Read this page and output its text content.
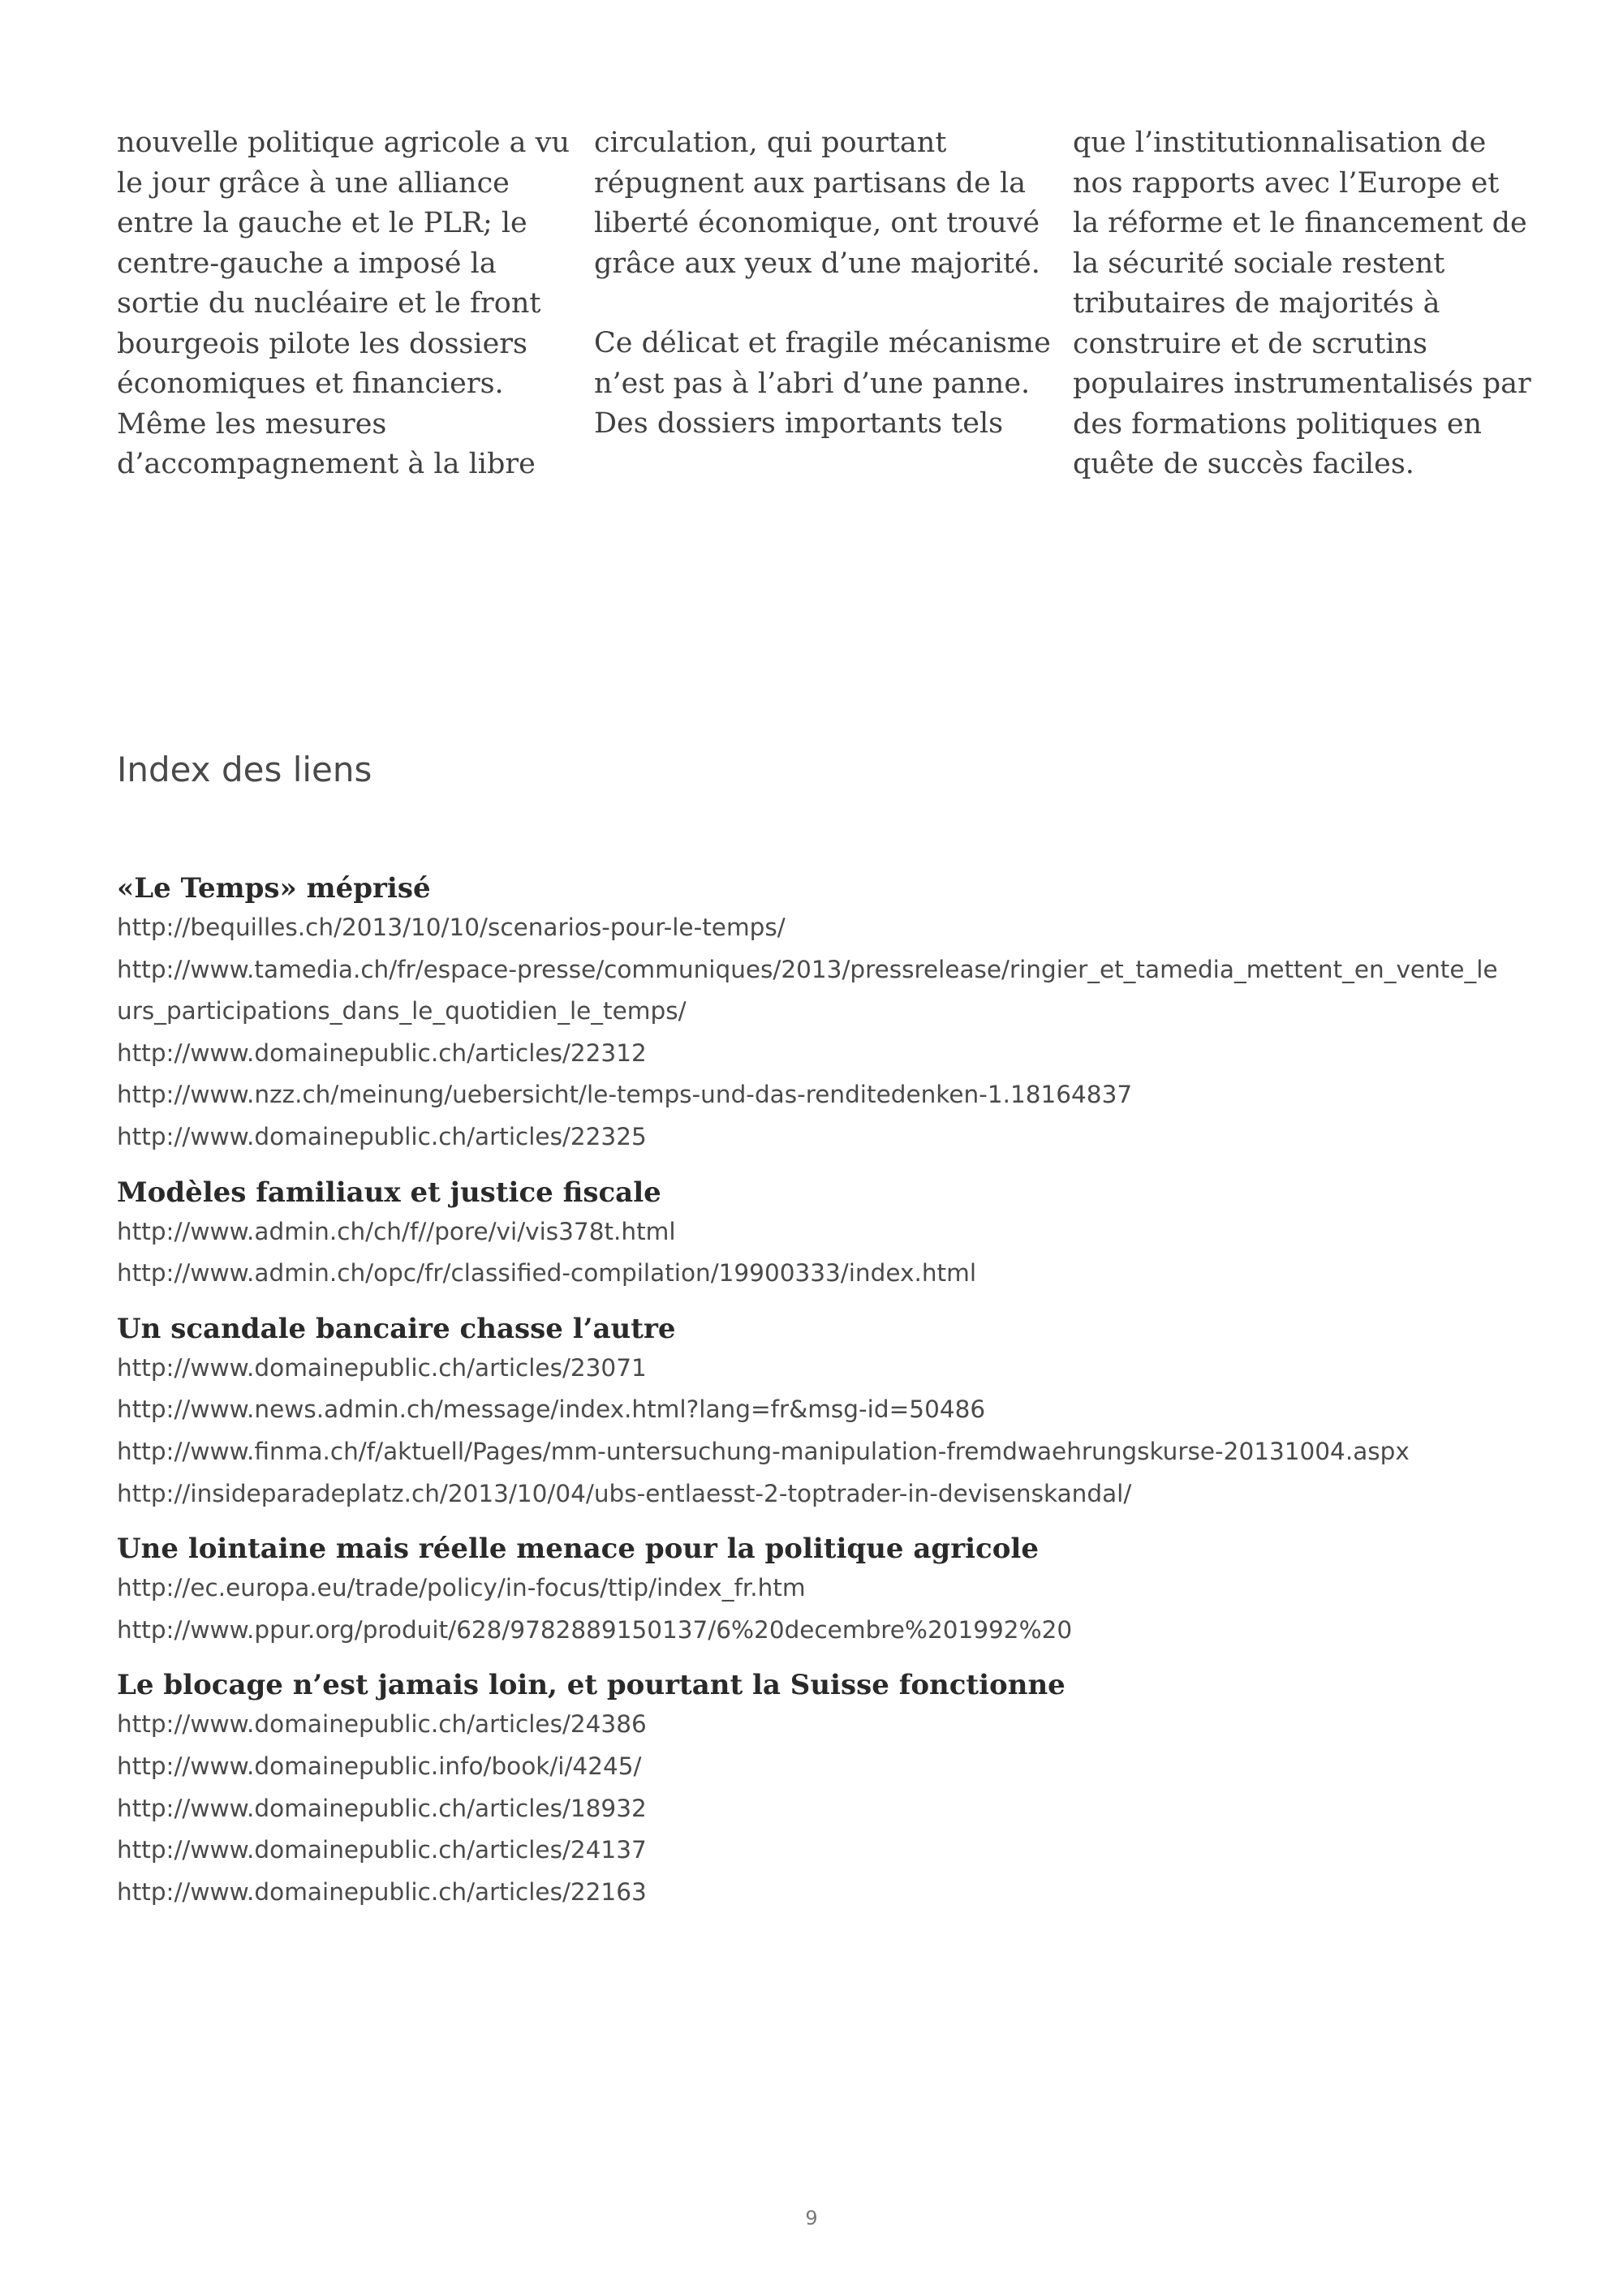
nouvelle politique agricole a vu
le jour grâce à une alliance
entre la gauche et le PLR; le
centre-gauche a imposé la
sortie du nucléaire et le front
bourgeois pilote les dossiers
économiques et financiers.
Même les mesures
d’accompagnement à la libre

circulation, qui pourtant
répugnent aux partisans de la
liberté économique, ont trouvé
grâce aux yeux d’une majorité.

Ce délicat et fragile mécanisme
n’est pas à l’abri d’une panne.
Des dossiers importants tels

que l’institutionnalisation de
nos rapports avec l’Europe et
la réforme et le financement de
la sécurité sociale restent
tributaires de majorités à
construire et de scrutins
populaires instrumentalisés par
des formations politiques en
quête de succès faciles.

Index des liens
«Le Temps» méprisé
http://bequilles.ch/2013/10/10/scenarios-pour-le-temps/
http://www.tamedia.ch/fr/espace-presse/communiques/2013/pressrelease/ringier_et_tamedia_mettent_en_vente_leurs_participations_dans_le_quotidien_le_temps/
http://www.domainepublic.ch/articles/22312
http://www.nzz.ch/meinung/uebersicht/le-temps-und-das-renditedenken-1.18164837
http://www.domainepublic.ch/articles/22325
Modèles familiaux et justice fiscale
http://www.admin.ch/ch/f//pore/vi/vis378t.html
http://www.admin.ch/opc/fr/classified-compilation/19900333/index.html
Un scandale bancaire chasse l’autre
http://www.domainepublic.ch/articles/23071
http://www.news.admin.ch/message/index.html?lang=fr&msg-id=50486
http://www.finma.ch/f/aktuell/Pages/mm-untersuchung-manipulation-fremdwaehrungskurse-20131004.aspx
http://insideparadeplatz.ch/2013/10/04/ubs-entlaesst-2-toptrader-in-devisenskandal/
Une lointaine mais réelle menace pour la politique agricole
http://ec.europa.eu/trade/policy/in-focus/ttip/index_fr.htm
http://www.ppur.org/produit/628/9782889150137/6%20decembre%201992%20
Le blocage n’est jamais loin, et pourtant la Suisse fonctionne
http://www.domainepublic.ch/articles/24386
http://www.domainepublic.info/book/i/4245/
http://www.domainepublic.ch/articles/18932
http://www.domainepublic.ch/articles/24137
http://www.domainepublic.ch/articles/22163
9
